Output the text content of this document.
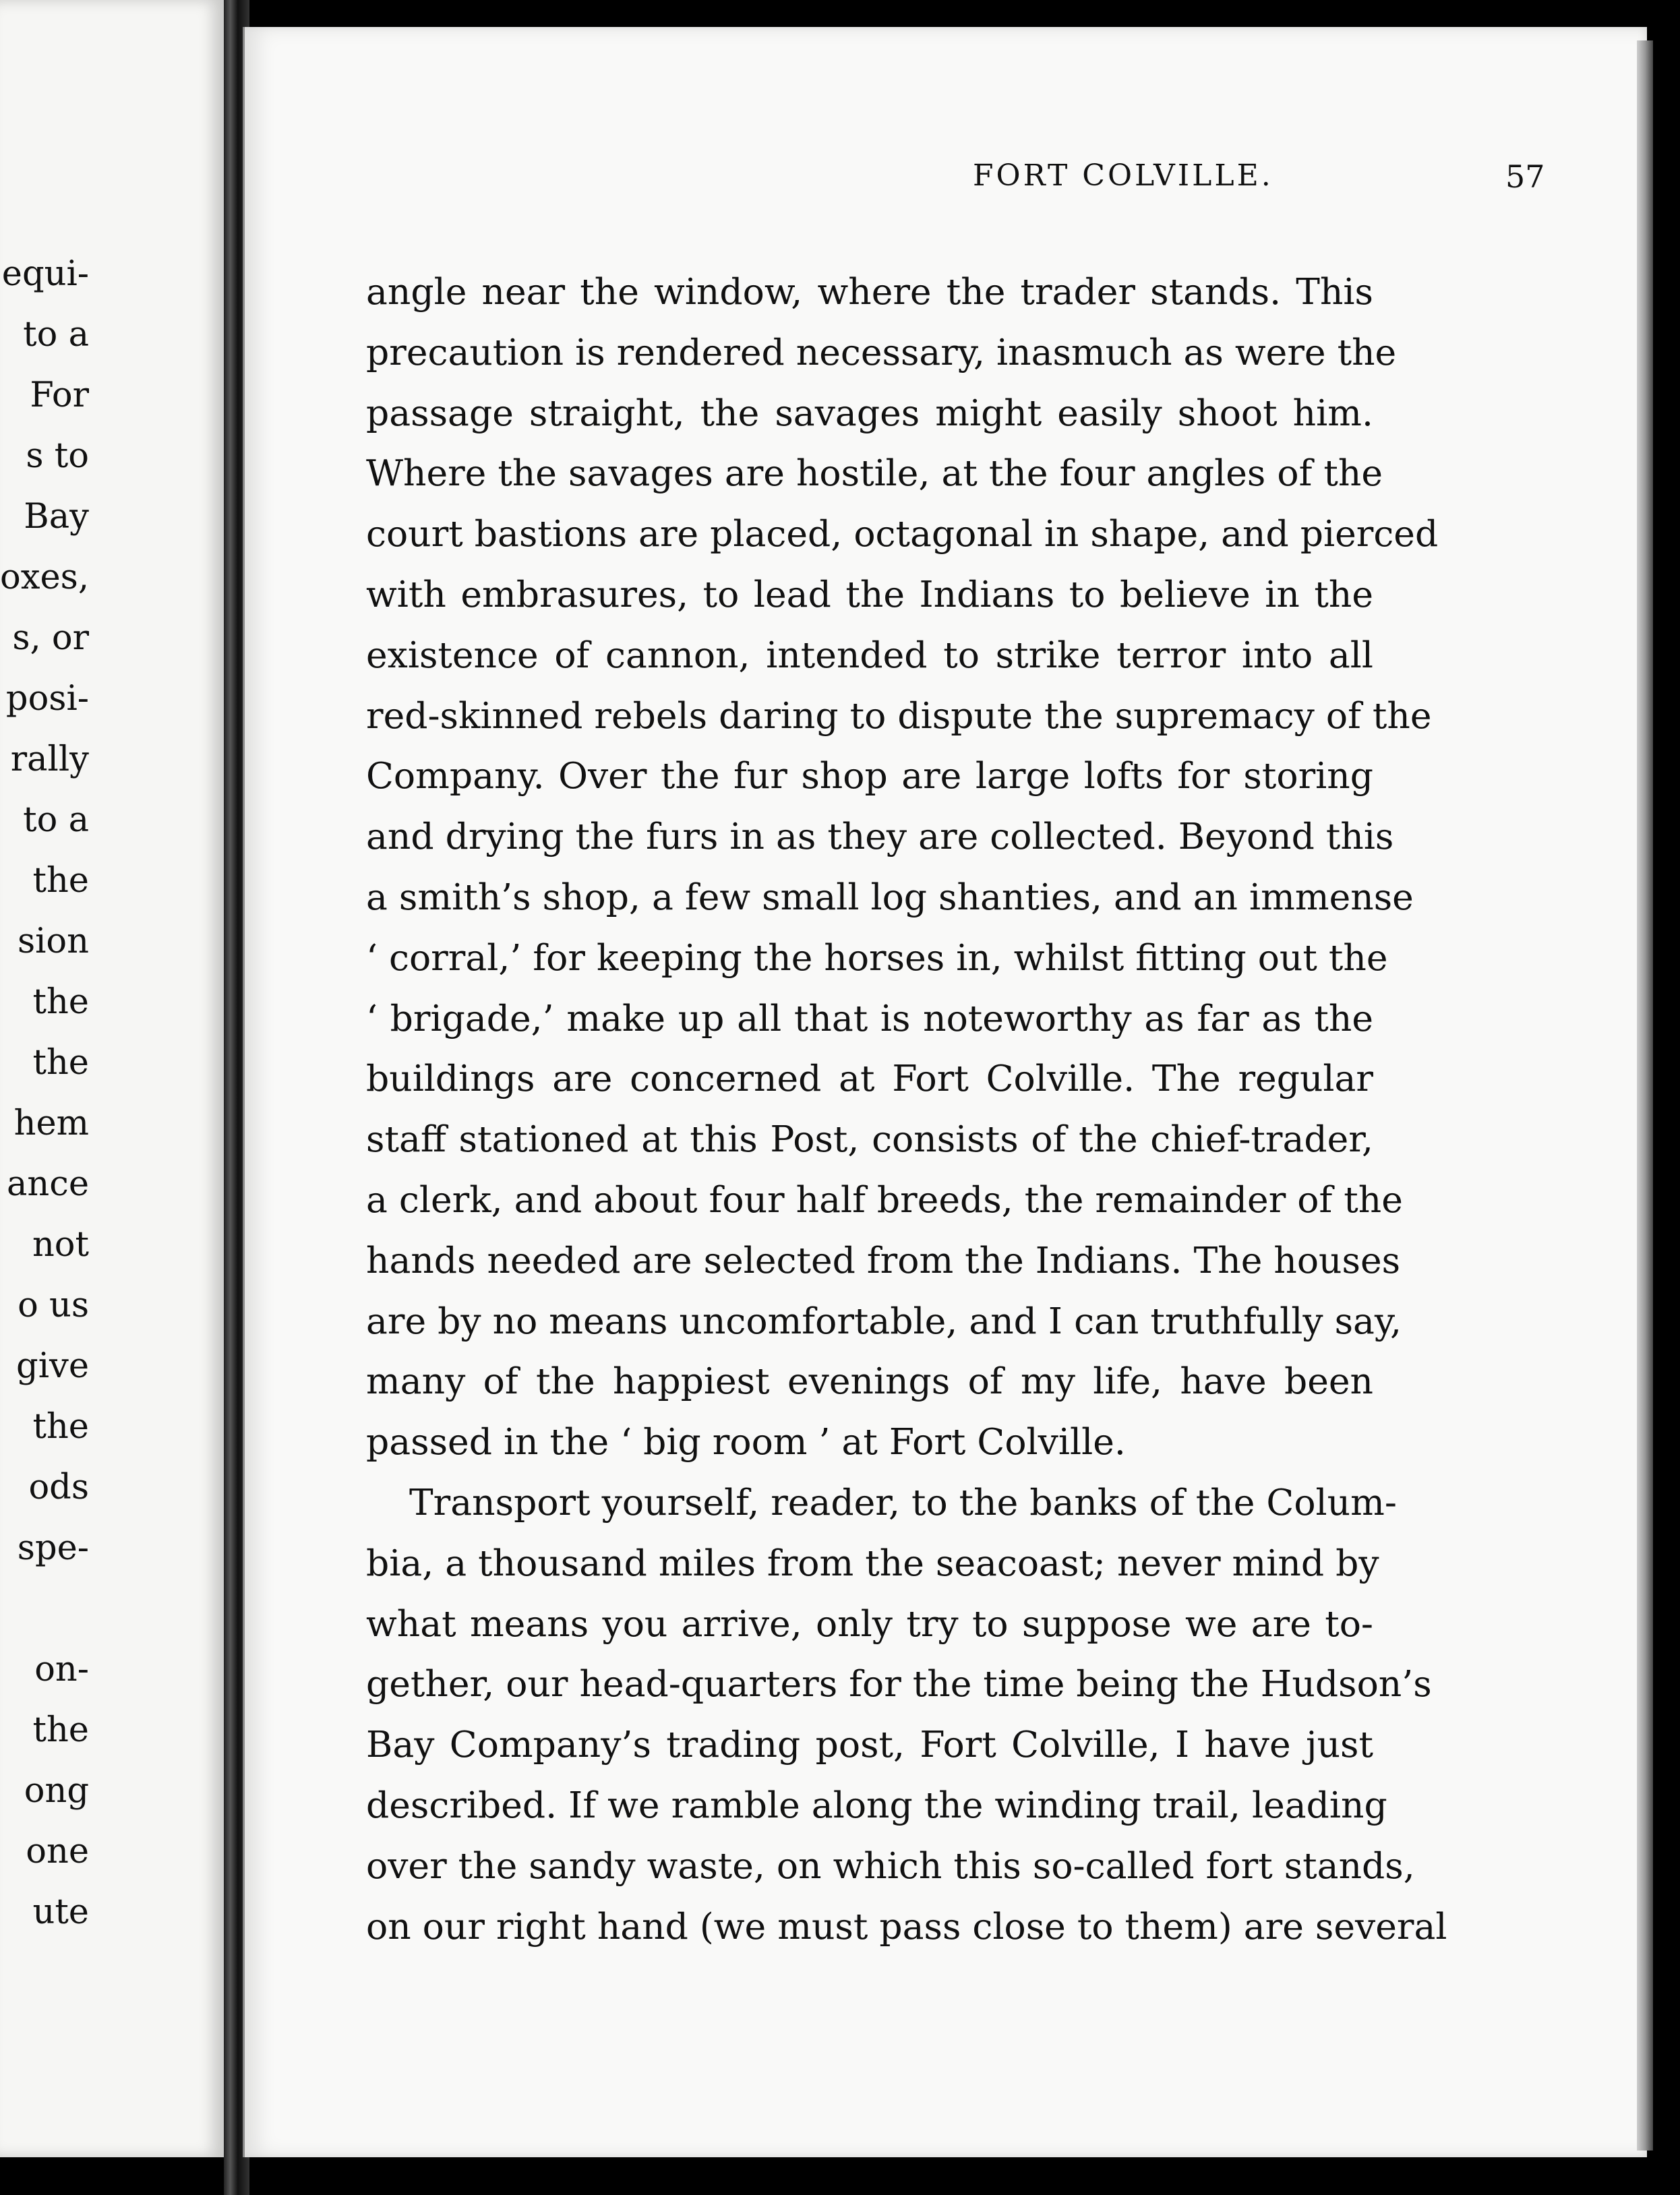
equi-
to a
For
s to
Bay
oxes,
s, or
posi-
rally
to a
the
sion
the
the
hem
ance
not
o us
give
the
ods
spe-
on-
the
ong
one
ute
FORT COLVILLE.	57
angle near the window, where the trader stands. This
precaution is rendered necessary, inasmuch as were the
passage straight, the savages might easily shoot him.
Where the savages are hostile, at the four angles of the
court bastions are placed, octagonal in shape, and pierced
with embrasures, to lead the Indians to believe in the
existence of cannon, intended to strike terror into all
red-skinned rebels daring to dispute the supremacy of the
Company. Over the fur shop are large lofts for storing
and drying the furs in as they are collected. Beyond this
a smith’s shop, a few small log shanties, and an immense
‘ corral,’ for keeping the horses in, whilst fitting out the
‘ brigade,’ make up all that is noteworthy as far as the
buildings are concerned at Fort Colville. The regular
staff stationed at this Post, consists of the chief-trader,
a clerk, and about four half breeds, the remainder of the
hands needed are selected from the Indians. The houses
are by no means uncomfortable, and I can truthfully say,
many of the happiest evenings of my life, have been
passed in the ‘ big room ’ at Fort Colville.
Transport yourself, reader, to the banks of the Colum-
bia, a thousand miles from the seacoast; never mind by
what means you arrive, only try to suppose we are to-
gether, our head-quarters for the time being the Hudson’s
Bay Company’s trading post, Fort Colville, I have just
described. If we ramble along the winding trail, leading
over the sandy waste, on which this so-called fort stands,
on our right hand (we must pass close to them) are several
